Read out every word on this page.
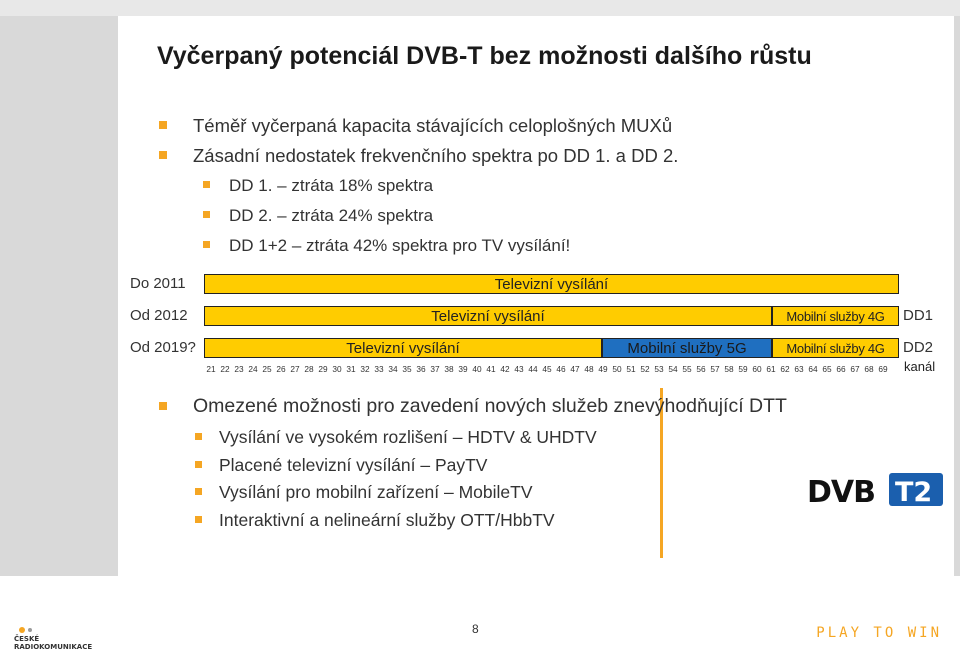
Vyčerpaný potenciál DVB-T bez možnosti dalšího růstu
Téměř vyčerpaná kapacita stávajících celoplošných MUXů
Zásadní nedostatek frekvenčního spektra po DD 1. a DD 2.
DD 1. – ztráta 18% spektra
DD 2. – ztráta 24% spektra
DD 1+2 – ztráta 42% spektra pro TV vysílání!
Do 2011	Televizní vysílání
Od 2012	Televizní vysílání	Mobilní služby 4G	DD1
Od 2019?	Televizní vysílání	Mobilní služby 5G	Mobilní služby 4G	DD2
21 22 23 24 25 26 27 28 29 30 31 32 33 34 35 36 37 38 39 40 41 42 43 44 45 46 47 48 49 50 51 52 53 54 55 56 57 58 59 60 61 62 63 64 65 66 67 68 69 kanál
Omezené možnosti pro zavedení nových služeb znevýhodňující DTT
Vysílání ve vysokém rozlišení – HDTV & UHDTV
Placené televizní vysílání – PayTV
Vysílání pro mobilní zařízení – MobileTV
Interaktivní a nelineární služby OTT/HbbTV
DVB T2
ČESKÉ
RADIOKOMUNIKACE
8	PLAY TO WIN
